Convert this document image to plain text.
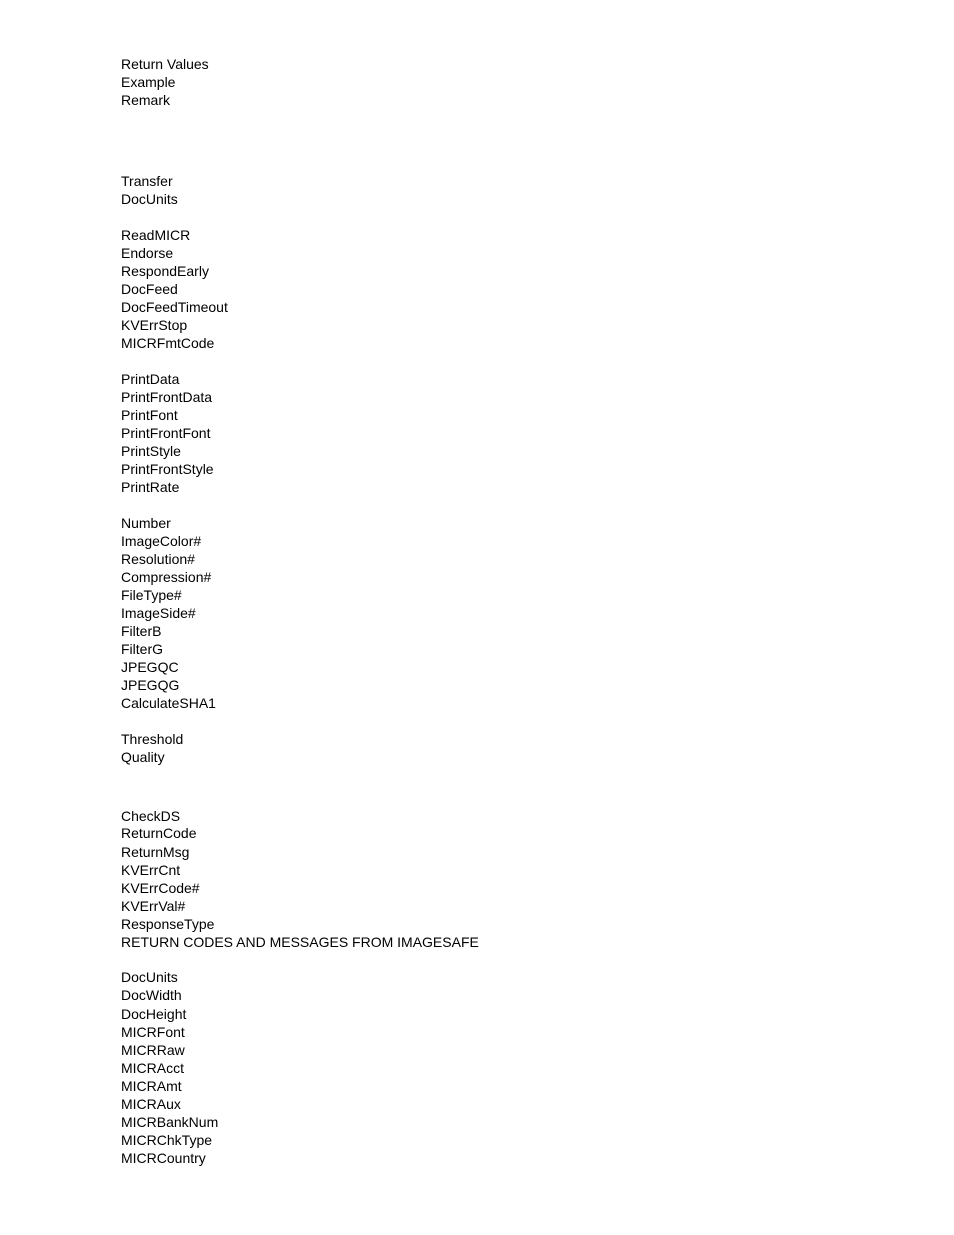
Return Values
Example
Remark
Transfer
DocUnits
ReadMICR
Endorse
RespondEarly
DocFeed
DocFeedTimeout
KVErrStop
MICRFmtCode
PrintData
PrintFrontData
PrintFont
PrintFrontFont
PrintStyle
PrintFrontStyle
PrintRate
Number
ImageColor#
Resolution#
Compression#
FileType#
ImageSide#
FilterB
FilterG
JPEGQC
JPEGQG
CalculateSHA1
Threshold
Quality
CheckDS
ReturnCode
ReturnMsg
KVErrCnt
KVErrCode#
KVErrVal#
ResponseType
RETURN CODES AND MESSAGES FROM IMAGESAFE
DocUnits
DocWidth
DocHeight
MICRFont
MICRRaw
MICRAcct
MICRAmt
MICRAux
MICRBankNum
MICRChkType
MICRCountry
